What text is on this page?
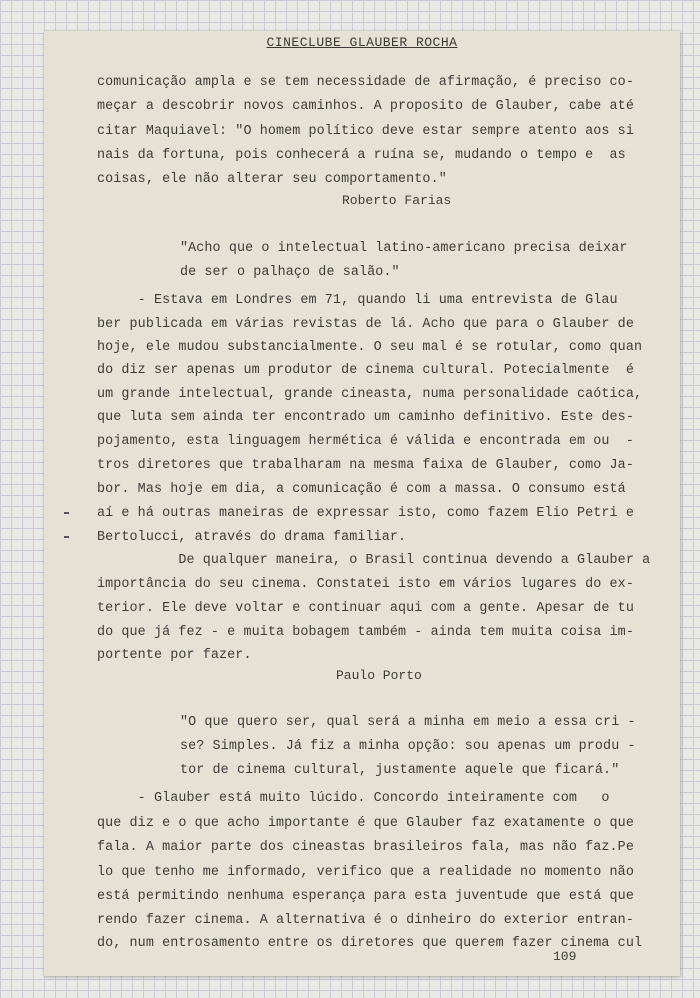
CINECLUBE GLAUBER ROCHA
comunicação ampla e se tem necessidade de afirmação, é preciso co-
meçar a descobrir novos caminhos. A proposito de Glauber, cabe até
citar Maquiavel: "O homem político deve estar sempre atento aos si
nais da fortuna, pois conhecerá a ruína se, mudando o tempo e  as
coisas, ele não alterar seu comportamento."
Roberto Farias
"Acho que o intelectual latino-americano precisa deixar
de ser o palhaço de salão."
- Estava em Londres em 71, quando li uma entrevista de Glau
ber publicada em várias revistas de lá. Acho que para o Glauber de
hoje, ele mudou substancialmente. O seu mal é se rotular, como quan
do diz ser apenas um produtor de cinema cultural. Potecialmente  é
um grande intelectual, grande cineasta, numa personalidade caótica,
que luta sem ainda ter encontrado um caminho definitivo. Este des-
pojamento, esta linguagem hermética é válida e encontrada em ou  -
tros diretores que trabalharam na mesma faixa de Glauber, como Ja-
bor. Mas hoje em dia, a comunicação é com a massa. O consumo está
aí e há outras maneiras de expressar isto, como fazem Elio Petri e
Bertolucci, através do drama familiar.
De qualquer maneira, o Brasil continua devendo a Glauber a
importância do seu cinema. Constatei isto em vários lugares do ex-
terior. Ele deve voltar e continuar aqui com a gente. Apesar de tu
do que já fez - e muita bobagem também - ainda tem muita coisa im-
portente por fazer.
Paulo Porto
"O que quero ser, qual será a minha em meio a essa cri -
se? Simples. Já fiz a minha opção: sou apenas um produ -
tor de cinema cultural, justamente aquele que ficará."
- Glauber está muito lúcido. Concordo inteiramente com   o
que diz e o que acho importante é que Glauber faz exatamente o que
fala. A maior parte dos cineastas brasileiros fala, mas não faz.Pe
lo que tenho me informado, verifico que a realidade no momento não
está permitindo nenhuma esperança para esta juventude que está que
rendo fazer cinema. A alternativa é o dinheiro do exterior entran-
do, num entrosamento entre os diretores que querem fazer cinema cul
109
